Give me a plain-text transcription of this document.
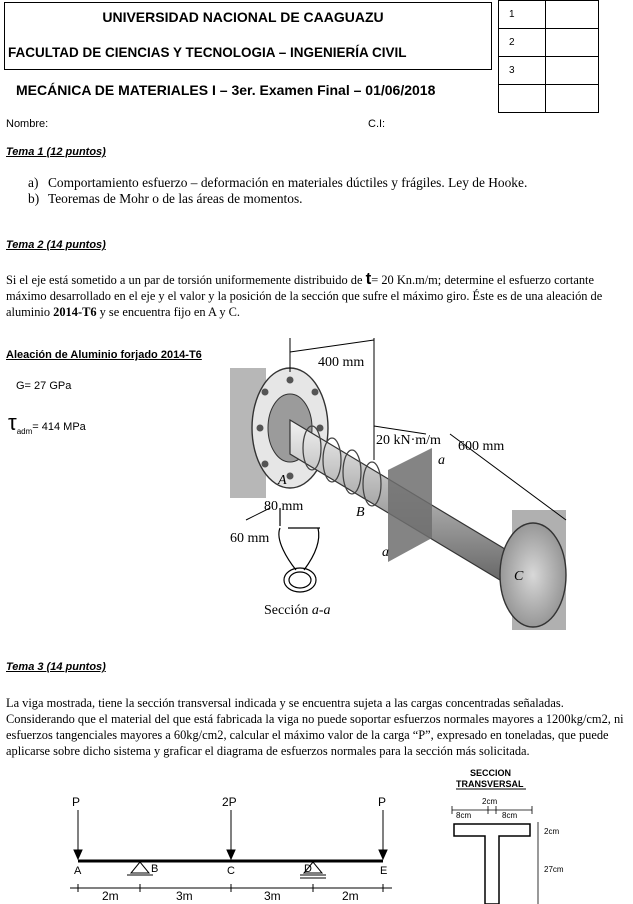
UNIVERSIDAD NACIONAL DE CAAGUAZU
FACULTAD DE CIENCIAS Y TECNOLOGIA – INGENIERÍA CIVIL
1	
2	
3	

MECÁNICA DE MATERIALES I – 3er. Examen Final – 01/06/2018
Nombre:	C.I:
Tema 1 (12 puntos)
a) Comportamiento esfuerzo – deformación en materiales dúctiles y frágiles. Ley de Hooke.
b) Teoremas de Mohr o de las áreas de momentos.
Tema 2 (14 puntos)
Si el eje está sometido a un par de torsión uniformemente distribuido de t= 20 Kn.m/m; determine el esfuerzo cortante máximo desarrollado en el eje y el valor y la posición de la sección que sufre el máximo giro. Éste es de una aleación de aluminio 2014-T6 y se encuentra fijo en A y C.
Aleación de Aluminio forjado 2014-T6
G= 27 GPa
$\tau_{adm}= 414$ MPa
400 mm
20 kN·m/m 600 mm
a
a
A
B
C
80 mm
60 mm
Sección a-a
Tema 3 (14 puntos)
La viga mostrada, tiene la sección transversal indicada y se encuentra sujeta a las cargas concentradas señaladas. Considerando que el material del que está fabricada la viga no puede soportar esfuerzos normales mayores a 1200kg/cm2, ni esfuerzos tangenciales mayores a 60kg/cm2, calcular el máximo valor de la carga “P”, expresado en toneladas, que puede aplicarse sobre dicho sistema y graficar el diagrama de esfuerzos normales para la sección más solicitada.
P	2P	P
A	B	C	D	E
2m	3m	3m	2m
SECCION
TRANSVERSAL
2cm
8cm	8cm
2cm
27cm
